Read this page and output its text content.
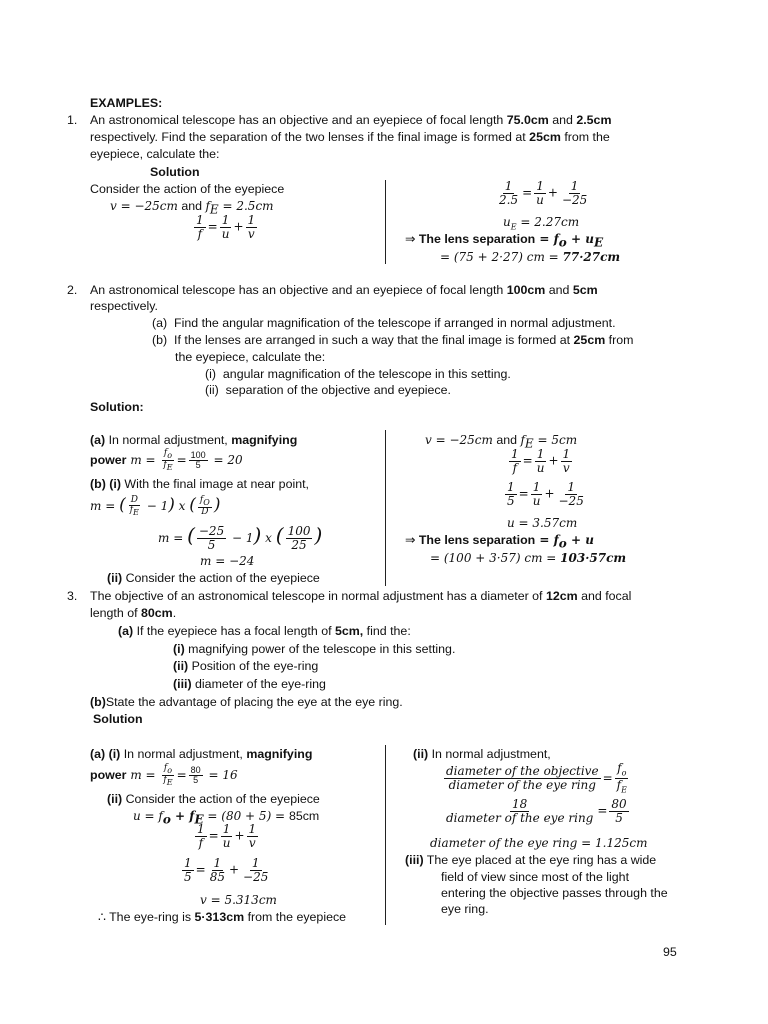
EXAMPLES:
1. An astronomical telescope has an objective and an eyepiece of focal length 75.0cm and 2.5cm
respectively. Find the separation of the two lenses if the final image is formed at 25cm from the
eyepiece, calculate the:
Solution
Consider the action of the eyepiece
v = −25cm and $f_E = 2.5cm$
$\frac{1}{f} = \frac{1}{u} + \frac{1}{v}$
$\frac{1}{2.5} = \frac{1}{u} + \frac{1}{-25}$
$u_E = 2.27cm$
⇒ The lens separation = $f_o + u_E$
= (75 + 2·27) cm = 77·27cm
2. An astronomical telescope has an objective and an eyepiece of focal length 100cm and 5cm
respectively.
(a) Find the angular magnification of the telescope if arranged in normal adjustment.
(b) If the lenses are arranged in such a way that the final image is formed at 25cm from
the eyepiece, calculate the:
(i) angular magnification of the telescope in this setting.
(ii) separation of the objective and eyepiece.
Solution:
(a) In normal adjustment, magnifying
power $m = \frac{f_o}{f_E} = \frac{100}{5} = 20$
(b) (i) With the final image at near point,
m = ( $\frac{D}{f_E} - 1$) x ( $\frac{f_O}{D}$ )
m = ( $\frac{-25}{5} - 1$) x ( $\frac{100}{25}$ )
m = −24
(ii) Consider the action of the eyepiece
v = −25cm and $f_E = 5cm$
$\frac{1}{f} = \frac{1}{u} + \frac{1}{v}$
$\frac{1}{5} = \frac{1}{u} + \frac{1}{-25}$
u = 3.57cm
⇒ The lens separation = $f_o + u$
= (100 + 3·57) cm = 103·57cm
3. The objective of an astronomical telescope in normal adjustment has a diameter of 12cm and focal
length of 80cm.
(a) If the eyepiece has a focal length of 5cm, find the:
(i) magnifying power of the telescope in this setting.
(ii) Position of the eye-ring
(iii) diameter of the eye-ring
(b)State the advantage of placing the eye at the eye ring.
Solution
(a) (i) In normal adjustment, magnifying
power $m = \frac{f_o}{f_E} = \frac{80}{5} = 16$
(ii) Consider the action of the eyepiece
$u = f_o + f_E = (80 + 5) = 85cm$
$\frac{1}{f} = \frac{1}{u} + \frac{1}{v}$
$\frac{1}{5} = \frac{1}{85} + \frac{1}{-25}$
v = 5.313cm
∴ The eye-ring is 5·313cm from the eyepiece
(ii) In normal adjustment,
$\frac{\text{diameter of the objective}}{\text{diameter of the eye ring}} = \frac{f_o}{f_E}$
$\frac{18}{\text{diameter of the eye ring}} = \frac{80}{5}$
diameter of the eye ring = 1.125cm
(iii) The eye placed at the eye ring has a wide
field of view since most of the light
entering the objective passes through the
eye ring.
95
